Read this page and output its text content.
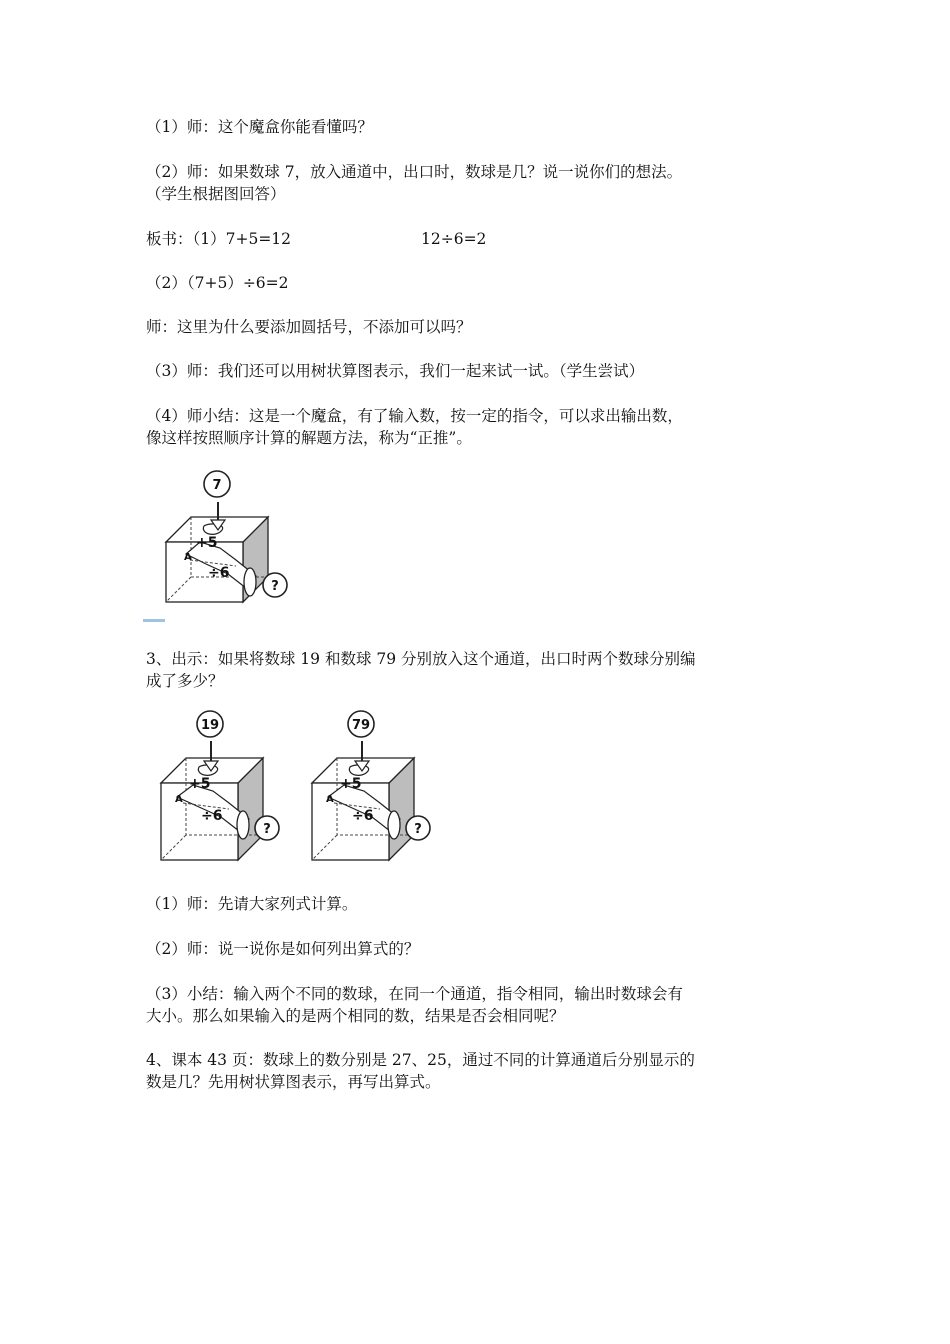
（1）师：这个魔盒你能看懂吗？

（2）师：如果数球 7，放入通道中，出口时，数球是几？说一说你们的想法。

（学生根据图回答）

板书：（1）7+5=12	12÷6=2

（2）（7+5）÷6=2

师：这里为什么要添加圆括号，不添加可以吗？

（3）师：我们还可以用树状算图表示，我们一起来试一试。（学生尝试）

（4）师小结：这是一个魔盒，有了输入数，按一定的指令，可以求出输出数，

像这样按照顺序计算的解题方法，称为“正推”。

7
?
+5
÷6
A

3、出示：如果将数球 19 和数球 79 分别放入这个通道，出口时两个数球分别编

成了多少？

19
?
+5
÷6
A
79
?
+5
÷6
A

（1）师：先请大家列式计算。

（2）师：说一说你是如何列出算式的？

（3）小结：输入两个不同的数球，在同一个通道，指令相同，输出时数球会有

大小。那么如果输入的是两个相同的数，结果是否会相同呢？

4、课本 43 页：数球上的数分别是 27、25，通过不同的计算通道后分别显示的

数是几？先用树状算图表示，再写出算式。
